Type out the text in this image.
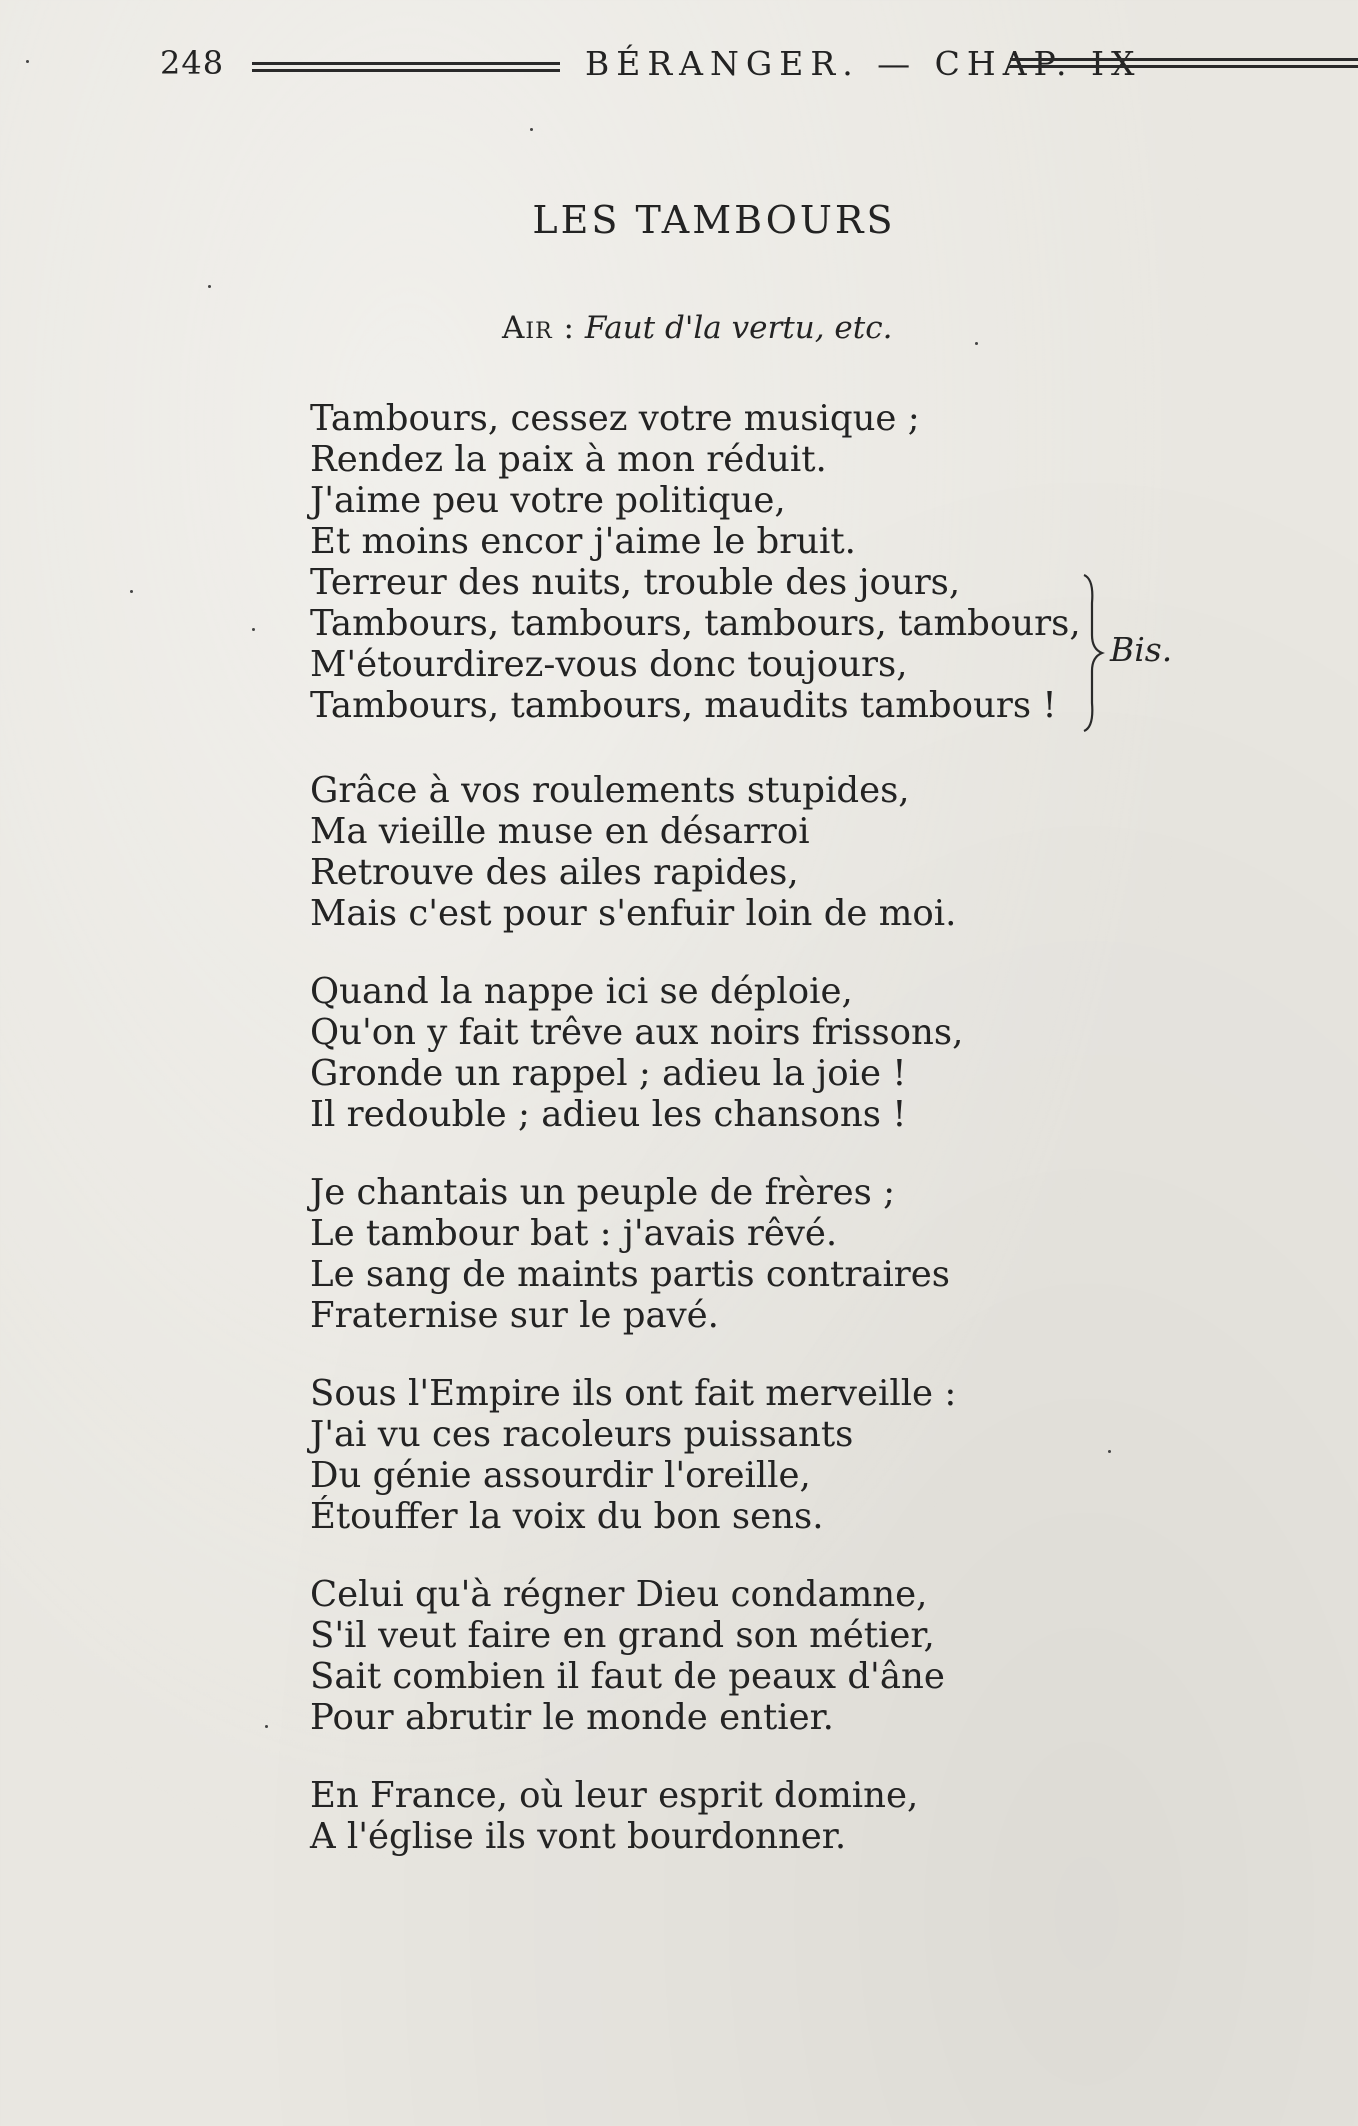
248	BÉRANGER. — CHAP. IX
LES TAMBOURS
Air : Faut d'la vertu, etc.
Tambours, cessez votre musique ;
Rendez la paix à mon réduit.
J'aime peu votre politique,
Et moins encor j'aime le bruit.
Terreur des nuits, trouble des jours,
Tambours, tambours, tambours, tambours,
M'étourdirez-vous donc toujours,
Tambours, tambours, maudits tambours !
Bis.
Grâce à vos roulements stupides,
Ma vieille muse en désarroi
Retrouve des ailes rapides,
Mais c'est pour s'enfuir loin de moi.
Quand la nappe ici se déploie,
Qu'on y fait trêve aux noirs frissons,
Gronde un rappel ; adieu la joie !
Il redouble ; adieu les chansons !
Je chantais un peuple de frères ;
Le tambour bat : j'avais rêvé.
Le sang de maints partis contraires
Fraternise sur le pavé.
Sous l'Empire ils ont fait merveille :
J'ai vu ces racoleurs puissants
Du génie assourdir l'oreille,
Étouffer la voix du bon sens.
Celui qu'à régner Dieu condamne,
S'il veut faire en grand son métier,
Sait combien il faut de peaux d'âne
Pour abrutir le monde entier.
En France, où leur esprit domine,
A l'église ils vont bourdonner.
